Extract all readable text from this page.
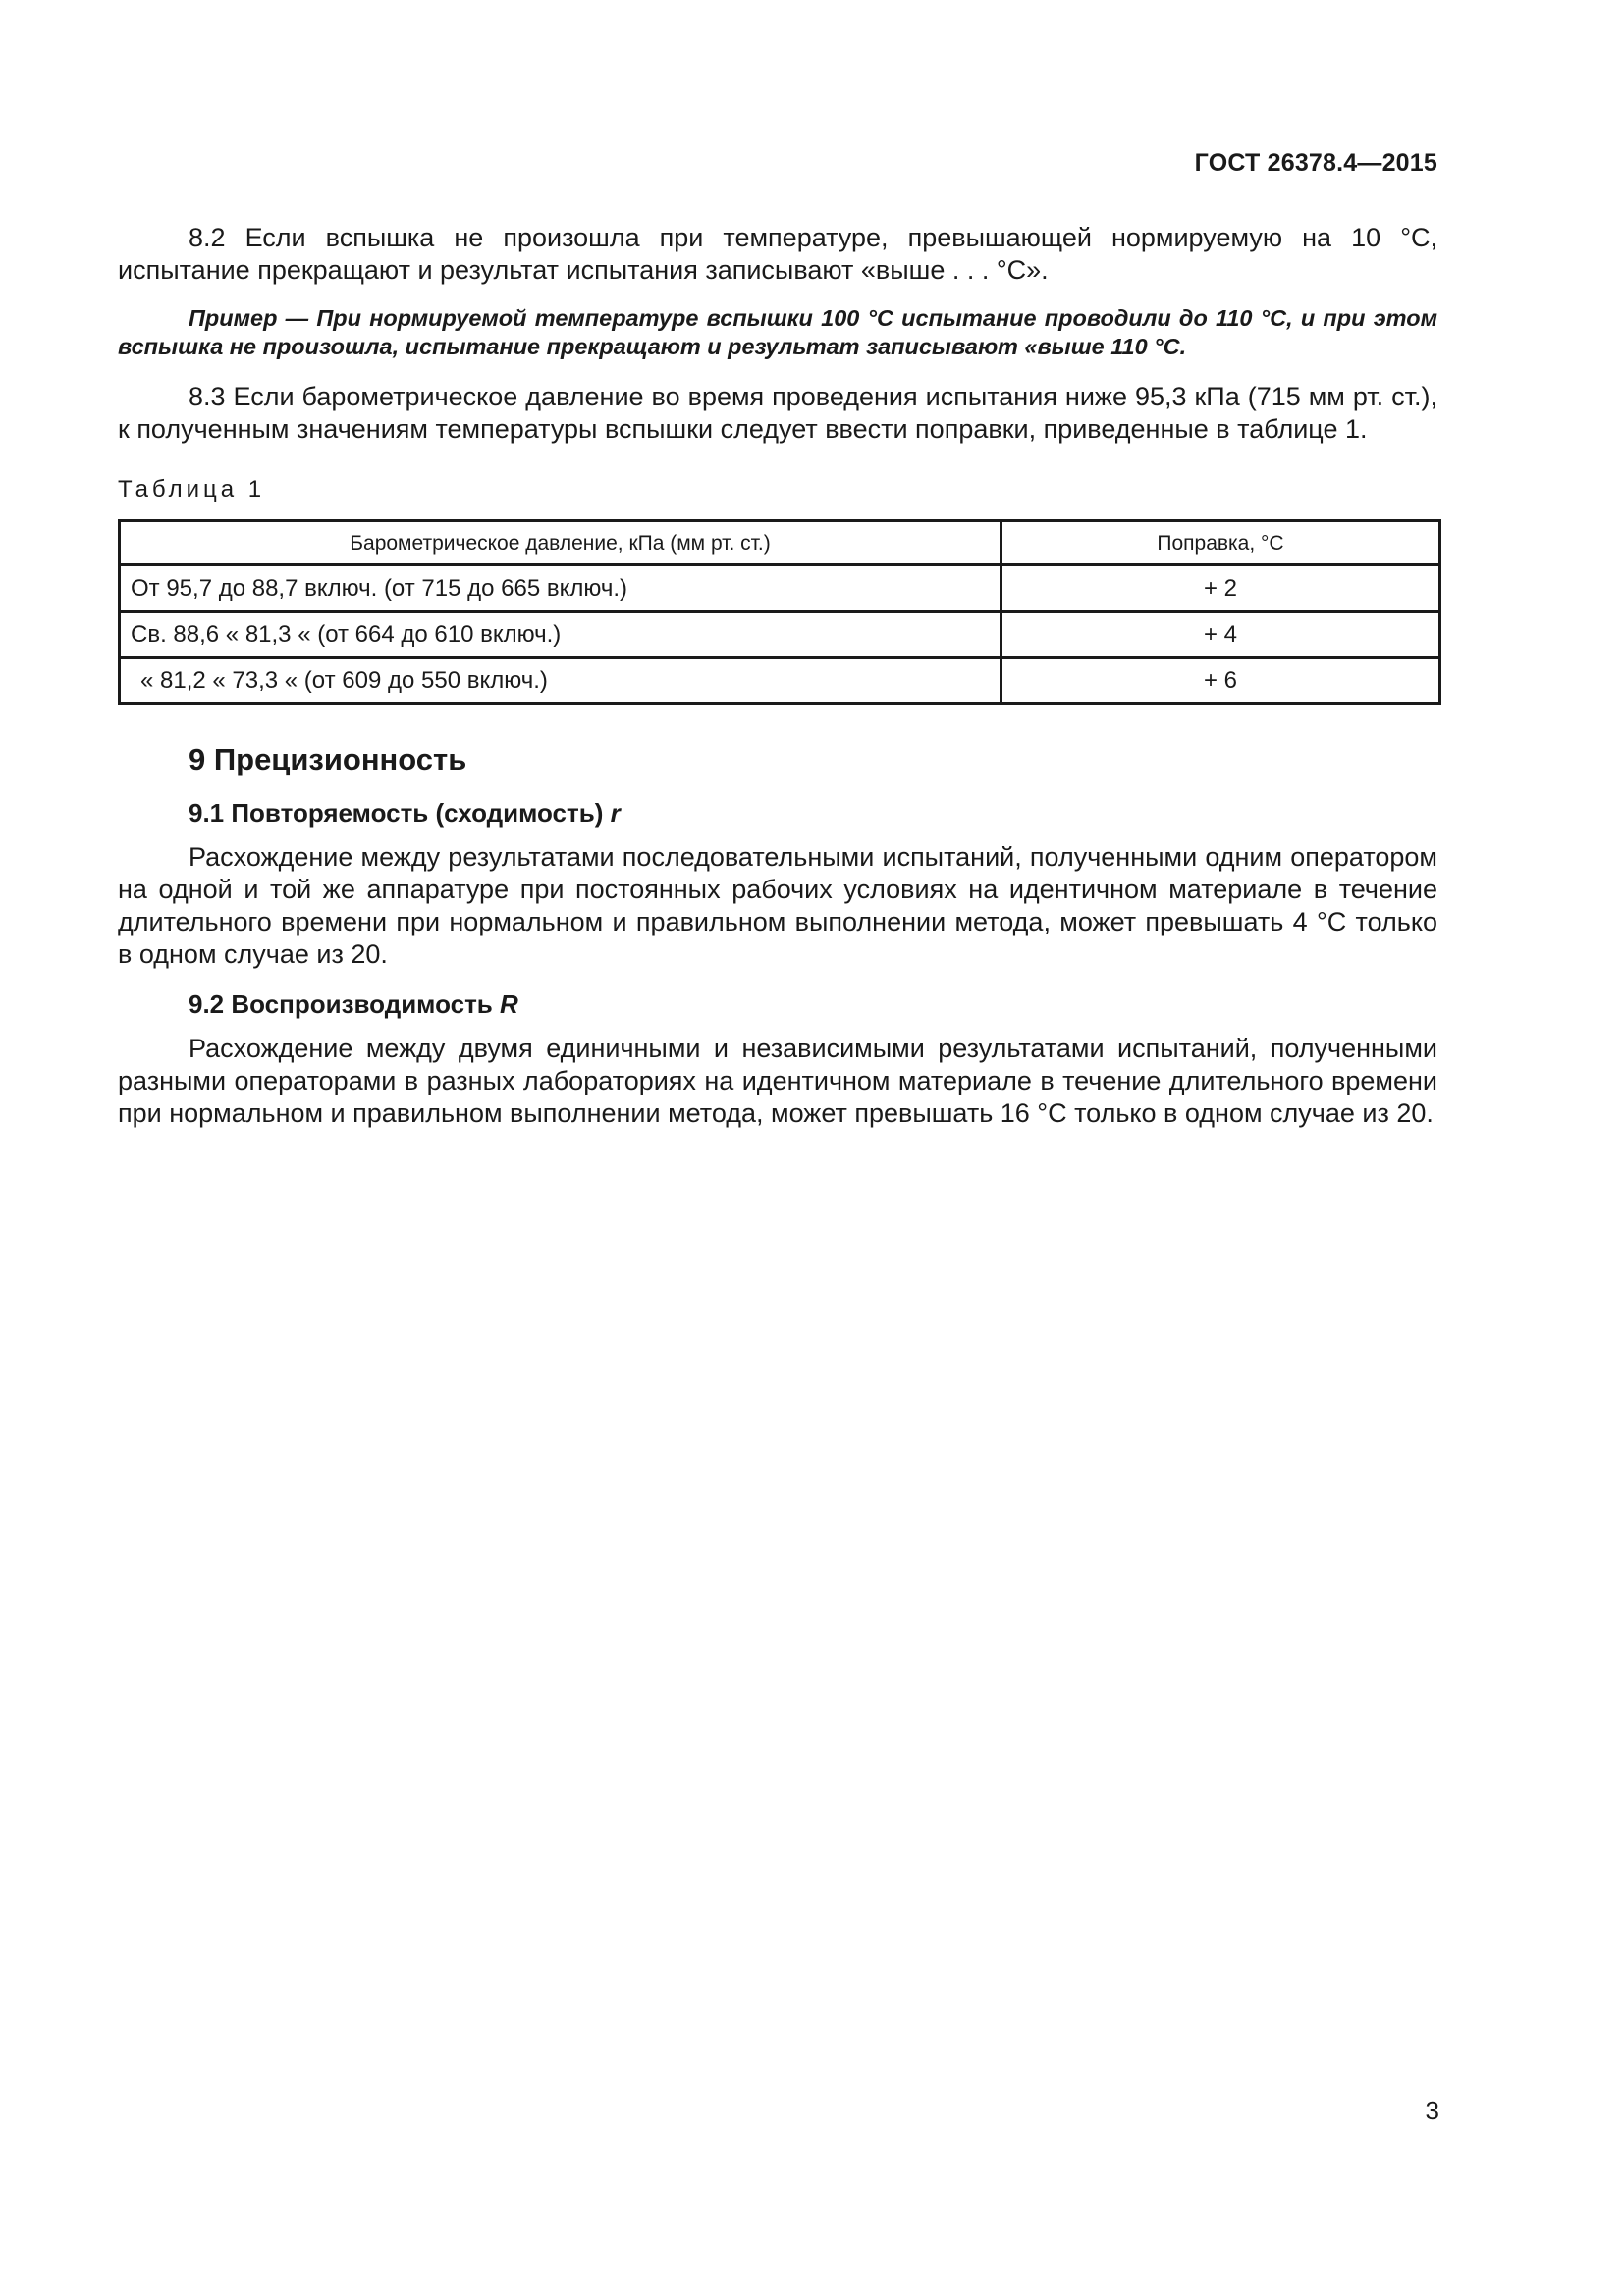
ГОСТ 26378.4—2015

8.2 Если вспышка не произошла при температуре, превышающей нормируемую на 10 °С, испытание прекращают и результат испытания записывают «выше . . . °С».

Пример — При нормируемой температуре вспышки 100 °С испытание проводили до 110 °С, и при этом вспышка не произошла, испытание прекращают и результат записывают «выше 110 °С.

8.3 Если барометрическое давление во время проведения испытания ниже 95,3 кПа (715 мм рт. ст.), к полученным значениям температуры вспышки следует ввести поправки, приведенные в таблице 1.

Таблица 1

Барометрическое давление, кПа (мм рт. ст.)	Поправка, °С
От 95,7 до 88,7 включ. (от 715 до 665 включ.)	+ 2
Св. 88,6 « 81,3 « (от 664 до 610 включ.)	+ 4
« 81,2 « 73,3 « (от 609 до 550 включ.)	+ 6
9 Прецизионность
9.1 Повторяемость (сходимость) r

Расхождение между результатами последовательными испытаний, полученными одним оператором на одной и той же аппаратуре при постоянных рабочих условиях на идентичном материале в течение длительного времени при нормальном и правильном выполнении метода, может превышать 4 °С только в одном случае из 20.

9.2 Воспроизводимость R

Расхождение между двумя единичными и независимыми результатами испытаний, полученными разными операторами в разных лабораториях на идентичном материале в течение длительного времени при нормальном и правильном выполнении метода, может превышать 16 °С только в одном случае из 20.

3
